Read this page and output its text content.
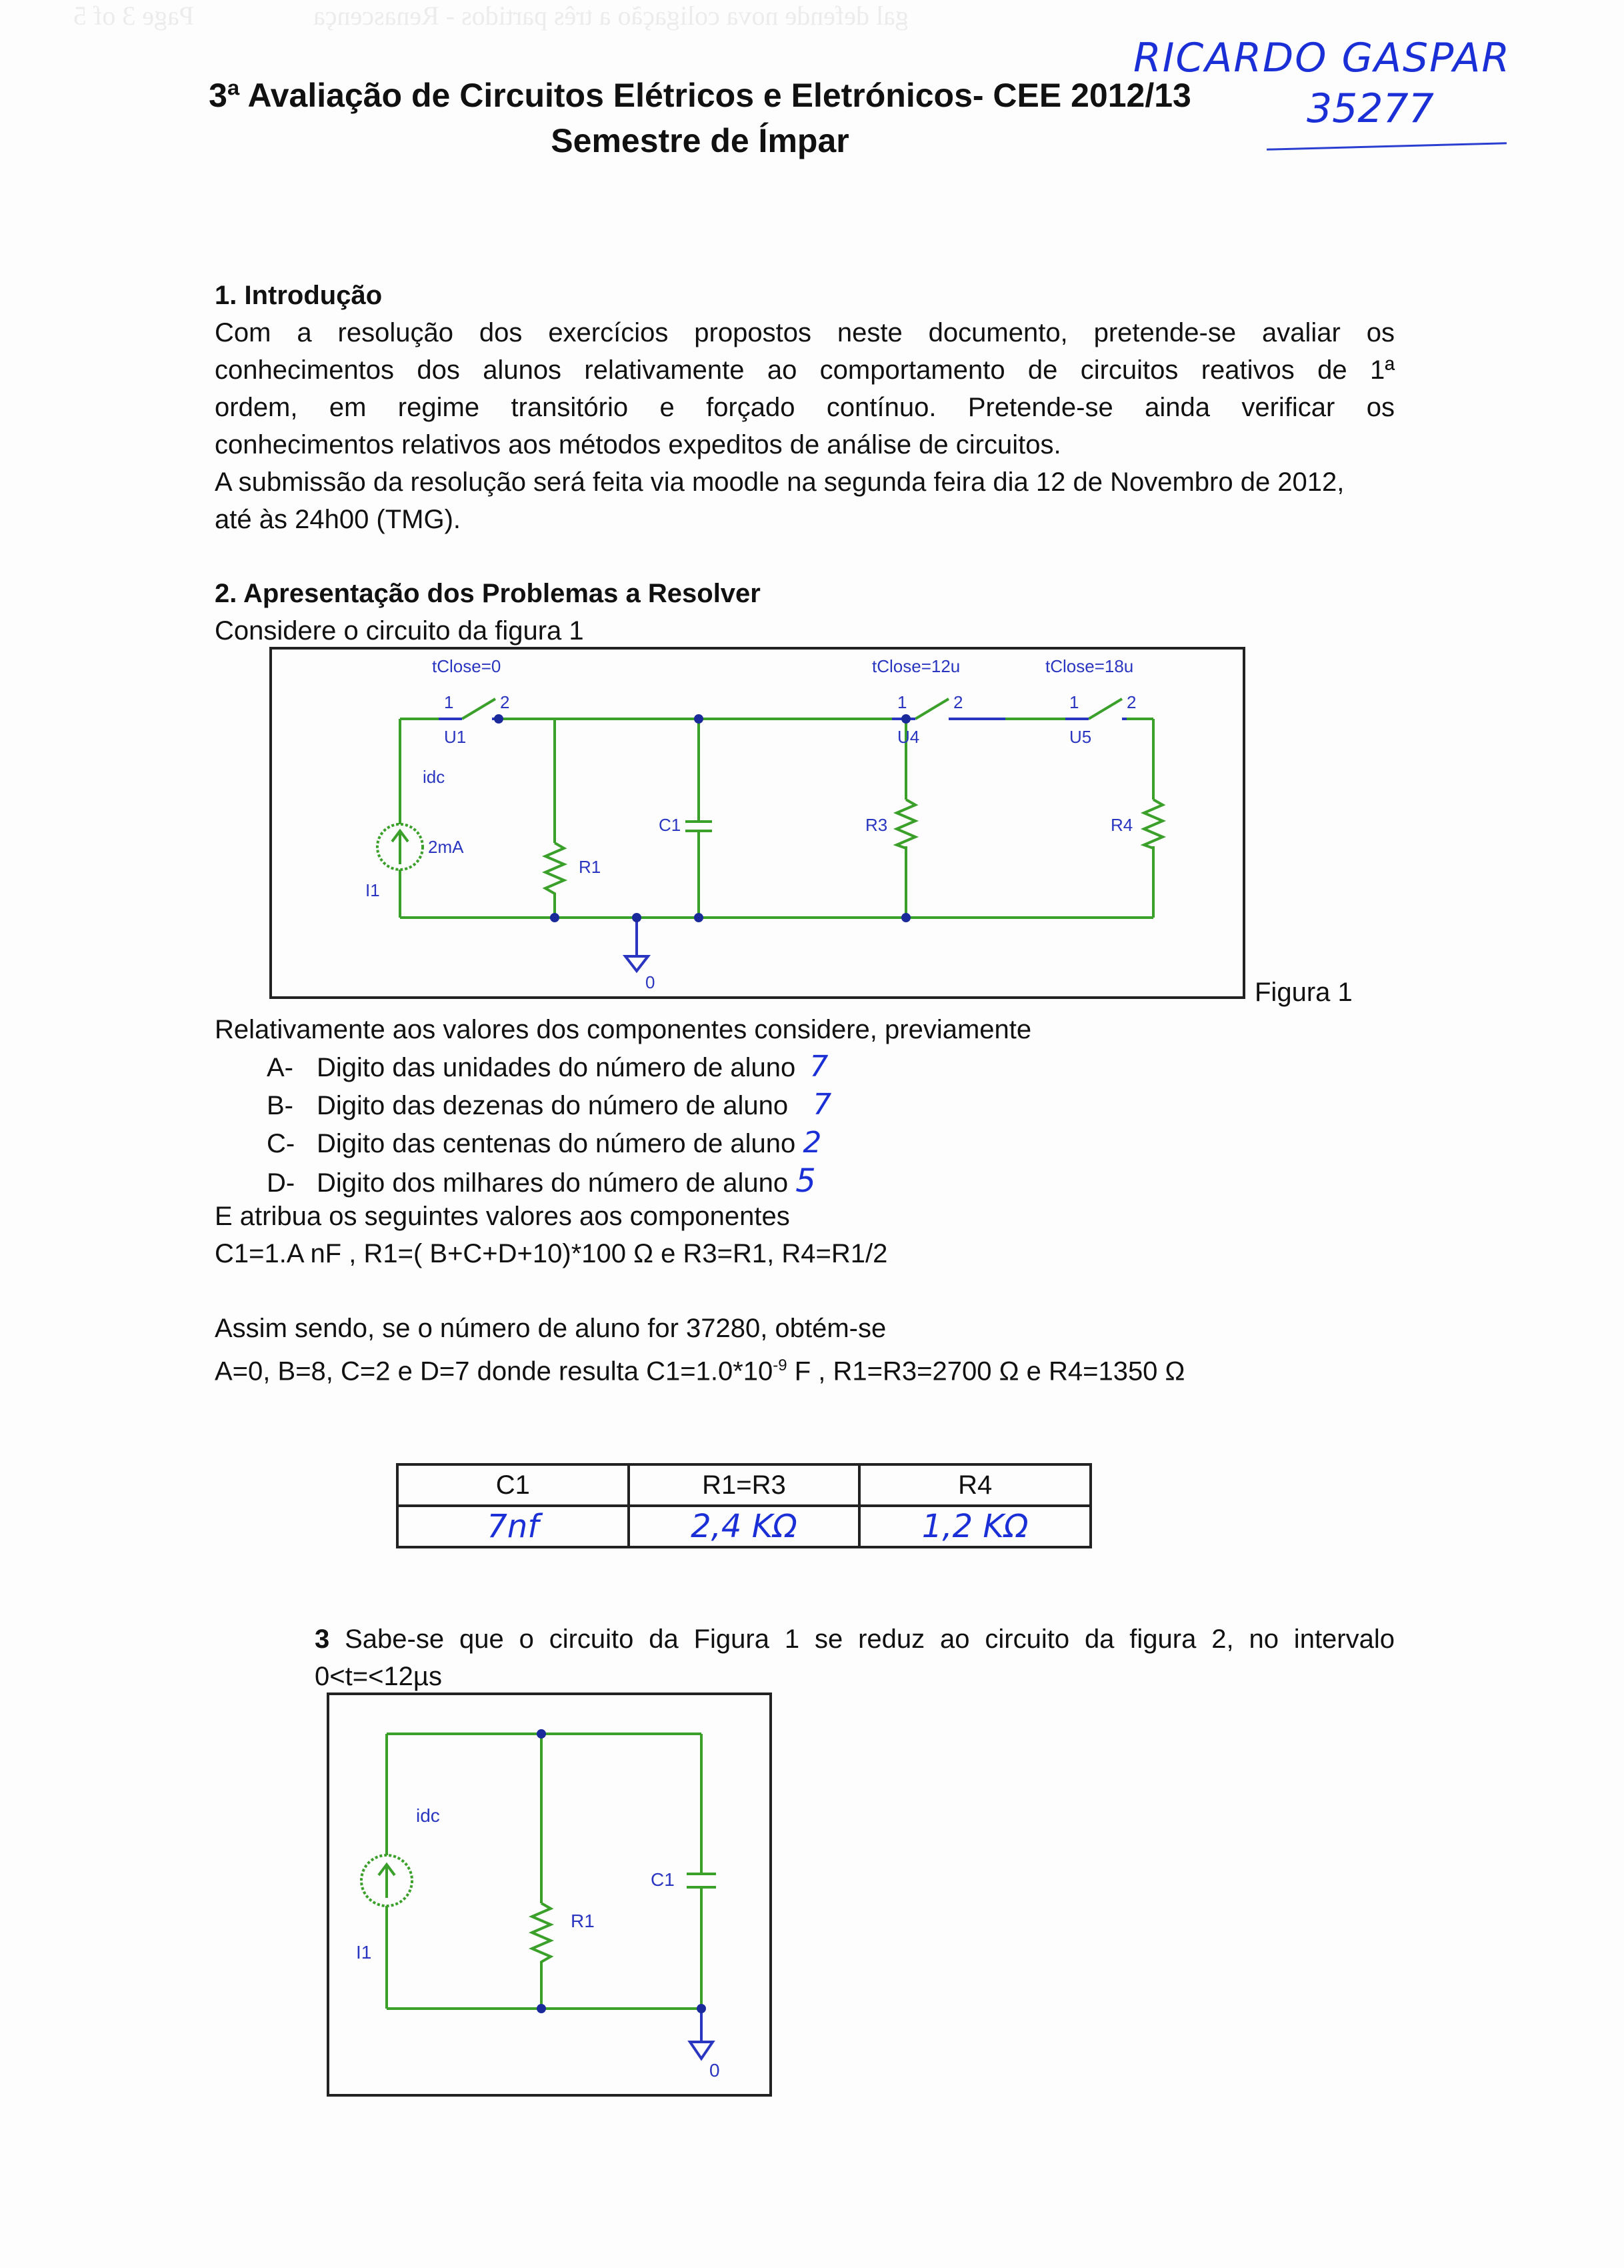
Page 3 of 5	gal defende nova coligação a três partidos - Renascença
RICARDO GASPAR
35277
3ª Avaliação de Circuitos Elétricos e Eletrónicos- CEE 2012/13
Semestre de Ímpar
1. Introdução
Com a resolução dos exercícios propostos neste documento, pretende-se avaliar os
conhecimentos dos alunos relativamente ao comportamento de circuitos reativos de 1ª
ordem, em regime transitório e forçado contínuo. Pretende-se ainda verificar os
conhecimentos relativos aos métodos expeditos de análise de circuitos.
A submissão da resolução será feita via moodle na segunda feira dia 12 de Novembro de 2012,
até às 24h00 (TMG).
2. Apresentação dos Problemas a Resolver
Considere o circuito da figura 1
tClose=0
1	2
U1
tClose=12u
1	2
U4
tClose=18u
1	2
U5
idc
2mA
I1
R1
C1	R3	R4
0	Figura 1
Relativamente aos valores dos componentes considere, previamente
A- Digito das unidades do número de aluno 7
B- Digito das dezenas do número de aluno 7
C- Digito das centenas do número de aluno 2
D- Digito dos milhares do número de aluno 5
E atribua os seguintes valores aos componentes
C1=1.A nF , R1=( B+C+D+10)*100 Ω e R3=R1, R4=R1/2
Assim sendo, se o número de aluno for 37280, obtém-se
A=0, B=8, C=2 e D=7 donde resulta $C1=1.0*10^{-9}$ F , R1=R3=2700 Ω e R4=1350 Ω
C1	R1=R3	R4
7nf	2,4 KΩ	1,2 KΩ
3 Sabe-se que o circuito da Figura 1 se reduz ao circuito da figura 2, no intervalo
0<t=<12µs
idc
I1
R1
C1
0
